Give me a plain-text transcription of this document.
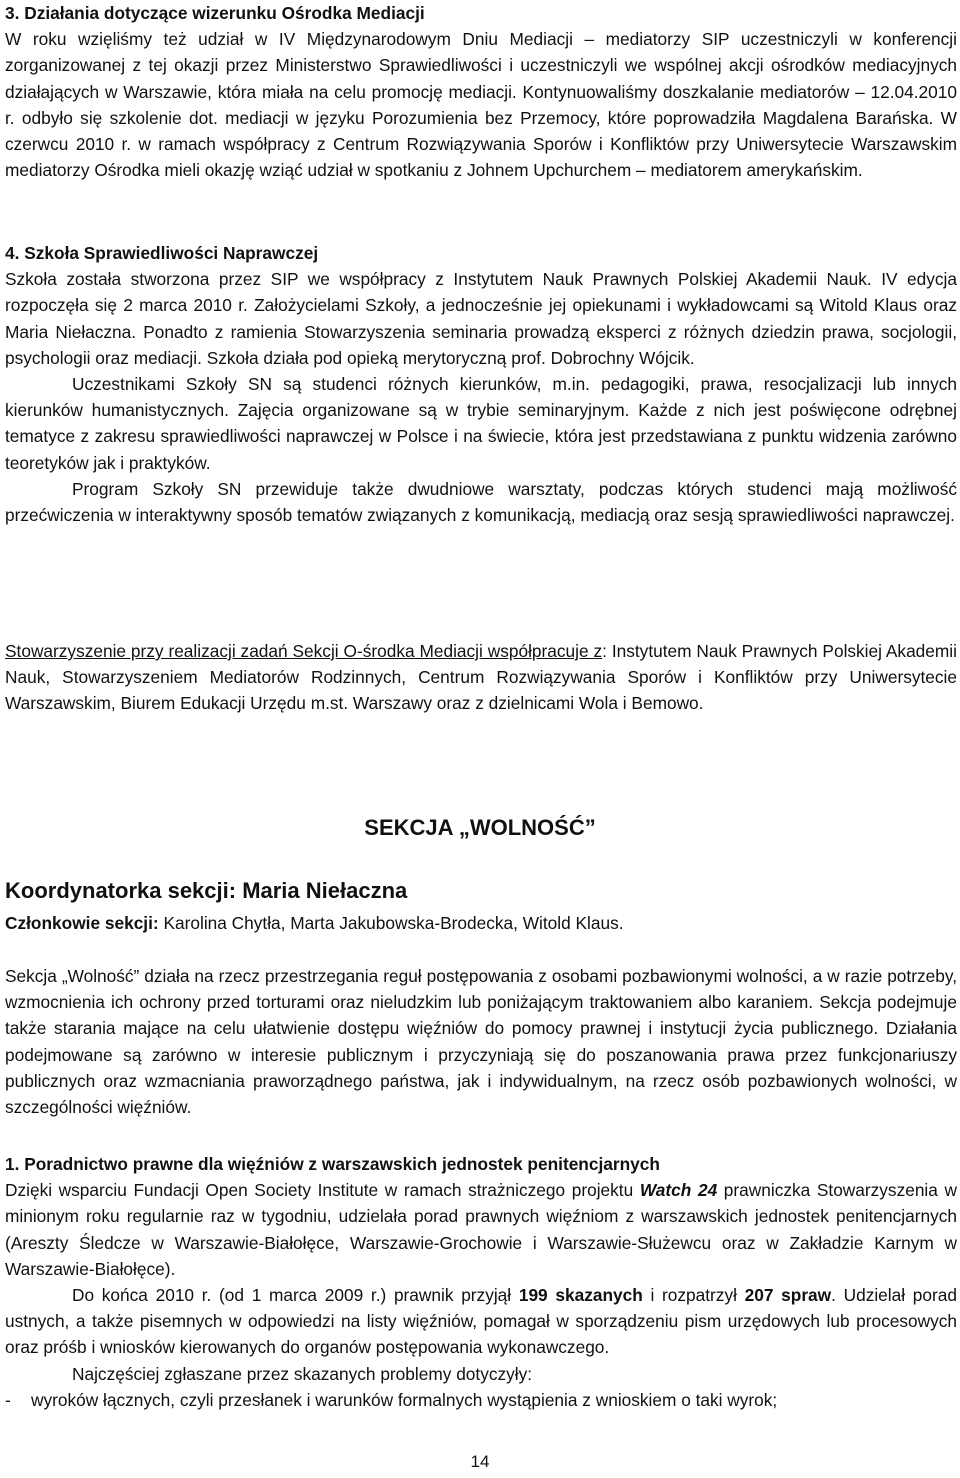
3. Działania dotyczące wizerunku Ośrodka Mediacji

W roku wzięliśmy też udział w IV Międzynarodowym Dniu Mediacji – mediatorzy SIP uczestniczyli w konferencji zorganizowanej z tej okazji przez Ministerstwo Sprawiedliwości i uczestniczyli we wspólnej akcji ośrodków mediacyjnych działających w Warszawie, która miała na celu promocję mediacji. Kontynuowaliśmy doszkalanie mediatorów – 12.04.2010 r. odbyło się szkolenie dot. mediacji w języku Porozumienia bez Przemocy, które poprowadziła Magdalena Barańska. W czerwcu 2010 r. w ramach współpracy z Centrum Rozwiązywania Sporów i Konfliktów przy Uniwersytecie Warszawskim mediatorzy Ośrodka mieli okazję wziąć udział w spotkaniu z Johnem Upchurchem – mediatorem amerykańskim.

4. Szkoła Sprawiedliwości Naprawczej

Szkoła została stworzona przez SIP we współpracy z Instytutem Nauk Prawnych Polskiej Akademii Nauk. IV edycja rozpoczęła się 2 marca 2010 r. Założycielami Szkoły, a jednocześnie jej opiekunami i wykładowcami są Witold Klaus oraz Maria Niełaczna. Ponadto z ramienia Stowarzyszenia seminaria prowadzą eksperci z różnych dziedzin prawa, socjologii, psychologii oraz mediacji. Szkoła działa pod opieką merytoryczną prof. Dobrochny Wójcik.

Uczestnikami Szkoły SN są studenci różnych kierunków, m.in. pedagogiki, prawa, resocjalizacji lub innych kierunków humanistycznych. Zajęcia organizowane są w trybie seminaryjnym. Każde z nich jest poświęcone odrębnej tematyce z zakresu sprawiedliwości naprawczej w Polsce i na świecie, która jest przedstawiana z punktu widzenia zarówno teoretyków jak i praktyków.

Program Szkoły SN przewiduje także dwudniowe warsztaty, podczas których studenci mają możliwość przećwiczenia w interaktywny sposób tematów związanych z komunikacją, mediacją oraz sesją sprawiedliwości naprawczej.

Stowarzyszenie przy realizacji zadań Sekcji O-środka Mediacji współpracuje z: Instytutem Nauk Prawnych Polskiej Akademii Nauk, Stowarzyszeniem Mediatorów Rodzinnych, Centrum Rozwiązywania Sporów i Konfliktów przy Uniwersytecie Warszawskim, Biurem Edukacji Urzędu m.st. Warszawy oraz z dzielnicami Wola i Bemowo.

SEKCJA „WOLNOŚĆ”
Koordynatorka sekcji: Maria Niełaczna

Członkowie sekcji: Karolina Chytła, Marta Jakubowska-Brodecka, Witold Klaus.

Sekcja „Wolność” działa na rzecz przestrzegania reguł postępowania z osobami pozbawionymi wolności, a w razie potrzeby, wzmocnienia ich ochrony przed torturami oraz nieludzkim lub poniżającym traktowaniem albo karaniem. Sekcja podejmuje także starania mające na celu ułatwienie dostępu więźniów do pomocy prawnej i instytucji życia publicznego. Działania podejmowane są zarówno w interesie publicznym i przyczyniają się do poszanowania prawa przez funkcjonariuszy publicznych oraz wzmacniania praworządnego państwa, jak i indywidualnym, na rzecz osób pozbawionych wolności, w szczególności więźniów.

1. Poradnictwo prawne dla więźniów z warszawskich jednostek penitencjarnych

Dzięki wsparciu Fundacji Open Society Institute w ramach strażniczego projektu Watch 24 prawniczka Stowarzyszenia w minionym roku regularnie raz w tygodniu, udzielała porad prawnych więźniom z warszawskich jednostek penitencjarnych (Areszty Śledcze w Warszawie-Białołęce, Warszawie-Grochowie i Warszawie-Służewcu oraz w Zakładzie Karnym w Warszawie-Białołęce).

Do końca 2010 r. (od 1 marca 2009 r.) prawnik przyjął 199 skazanych i rozpatrzył 207 spraw. Udzielał porad ustnych, a także pisemnych w odpowiedzi na listy więźniów, pomagał w sporządzeniu pism urzędowych lub procesowych oraz próśb i wniosków kierowanych do organów postępowania wykonawczego.

Najczęściej zgłaszane przez skazanych problemy dotyczyły:

-	wyroków łącznych, czyli przesłanek i warunków formalnych wystąpienia z wnioskiem o taki wyrok;
14
